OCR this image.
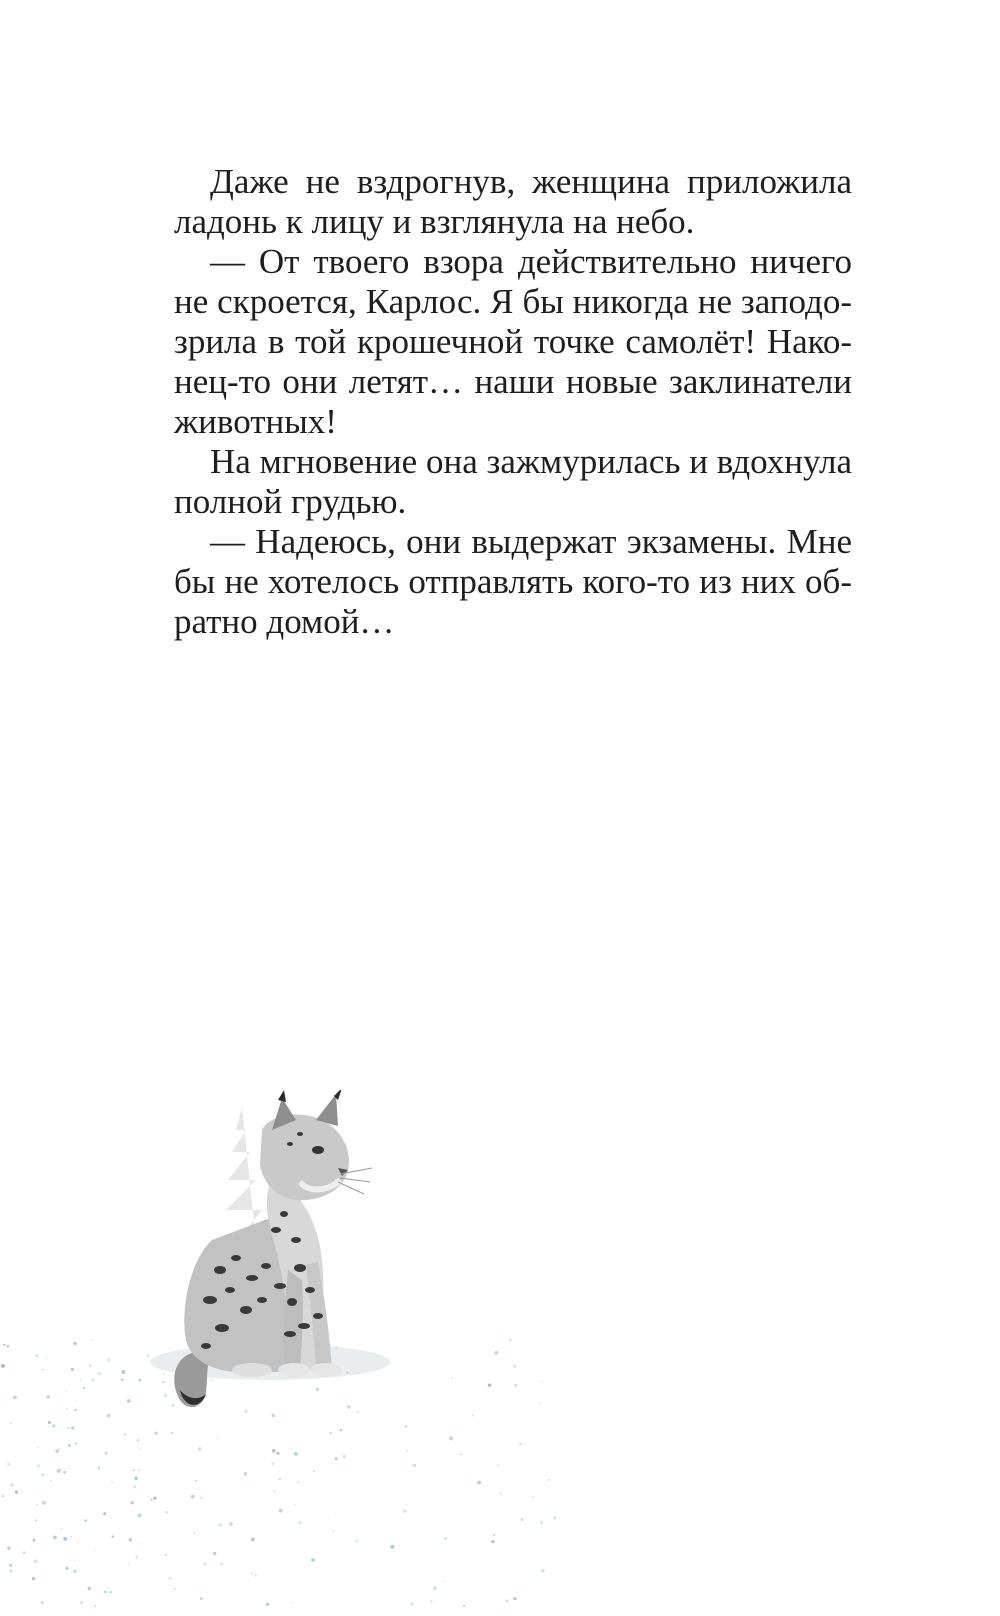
Даже не вздрогнув, женщина приложила
ладонь к лицу и взглянула на небо.
— От твоего взора действительно ничего
не скроется, Карлос. Я бы никогда не заподо-
зрила в той крошечной точке самолёт! Нако-
нец-то они летят… наши новые заклинатели
животных!
На мгновение она зажмурилась и вдохнула
полной грудью.
— Надеюсь, они выдержат экзамены. Мне
бы не хотелось отправлять кого-то из них об-
ратно домой…
